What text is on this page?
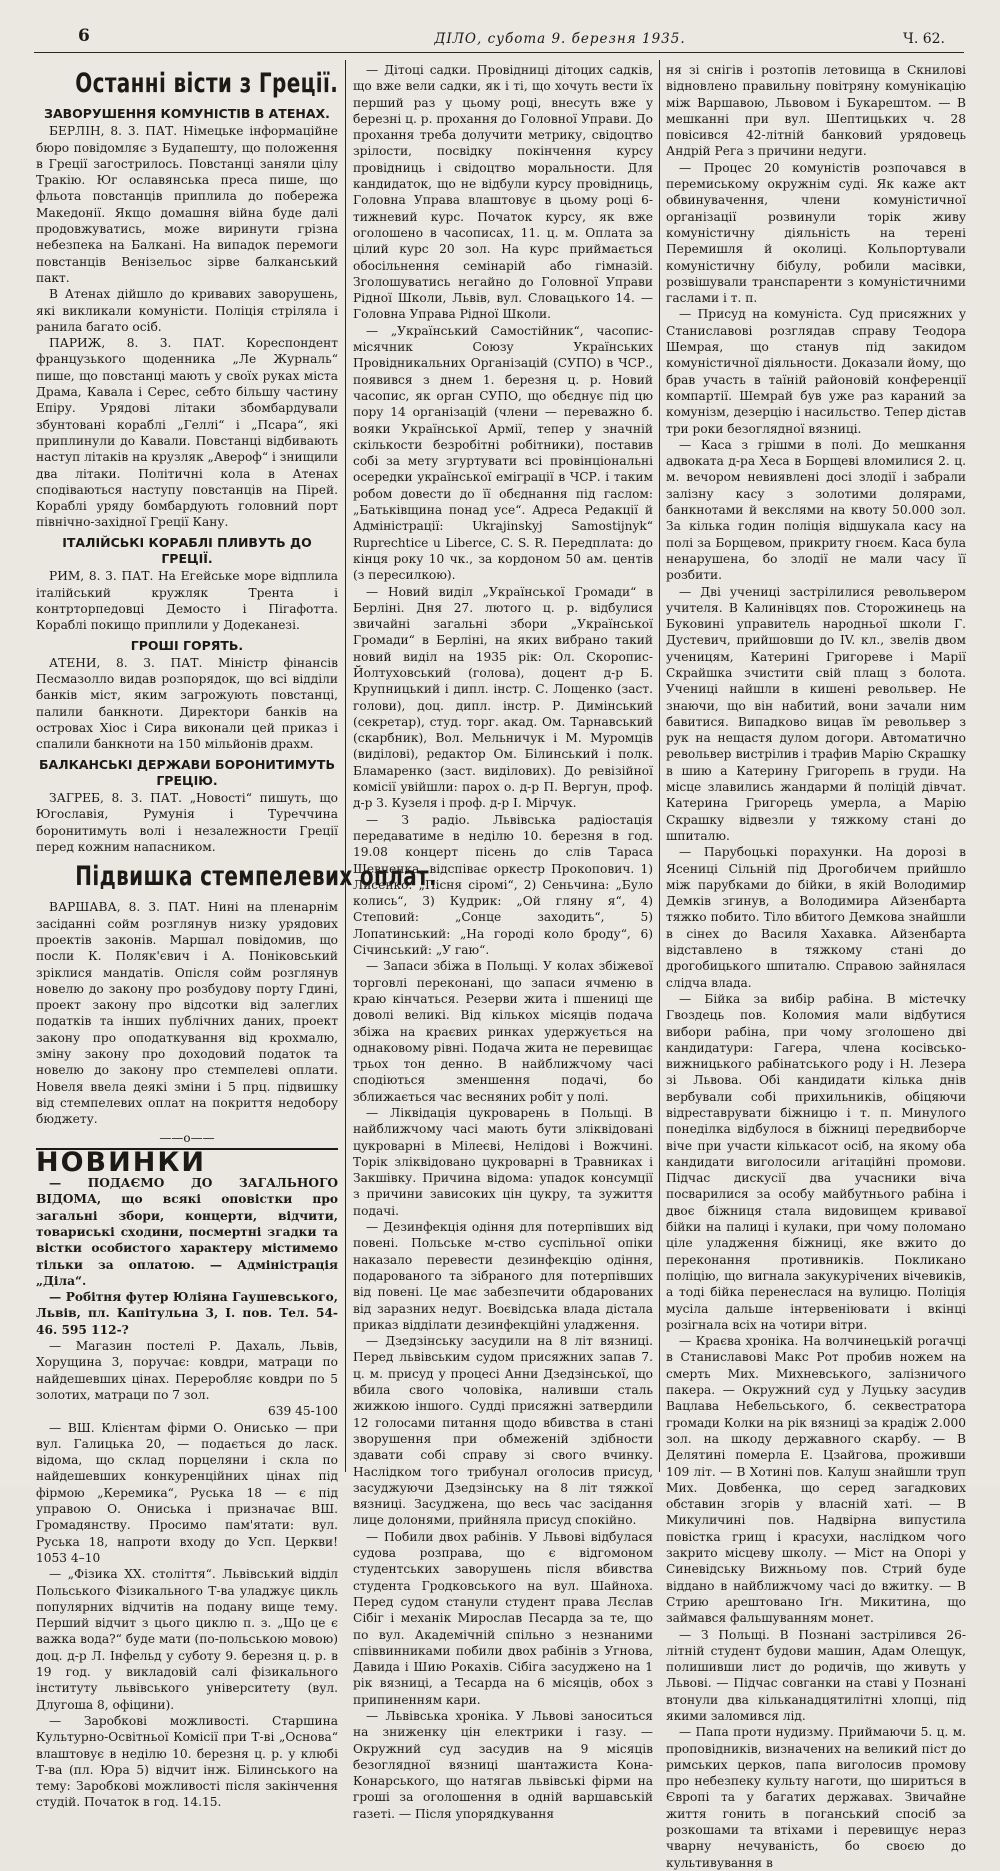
6	ДІЛО, субота 9. березня 1935.	Ч. 62.
Останні вісти з Греції.
ЗАВОРУШЕННЯ КОМУНІСТІВ В АТЕНАХ.

БЕРЛІН, 8. 3. ПАТ. Німецьке інформаційне бюро повідомляє з Будапешту, що положення в Греції загострилось. Повстанці заняли цілу Тракію. Юг ославянська преса пише, що фльота повстанців приплила до побережа Македонії. Якщо домашня війна буде далі продовжуватись, може виринути грізна небезпека на Балкані. На випадок перемоги повстанців Венізельос зірве балканський пакт.

В Атенах дійшло до кривавих заворушень, які викликали комуністи. Поліція стріляла і ранила багато осіб.

ПАРИЖ, 8. 3. ПАТ. Кореспондент французького щоденника „Ле Журналь“ пише, що повстанці мають у своїх руках міста Драма, Кавала і Серес, себто більшу частину Епіру. Урядові літаки збомбардували збунтовані кораблі „Геллі“ і „Псара“, які приплинули до Кавали. Повстанці відбивають наступ літаків на крузляк „Авероф“ і знищили два літаки. Політичні кола в Атенах сподіваються наступу повстанців на Пірей. Кораблі уряду бомбардують головний порт північно-західної Греції Кану.

ІТАЛІЙСЬКІ КОРАБЛІ ПЛИВУТЬ ДО ГРЕЦІЇ.

РИМ, 8. 3. ПАТ. На Егейське море відплила італійський кружляк Трента і контрторпедовці Демосто і Пігафотта. Кораблі покищо приплили у Додеканезі.

ГРОШІ ГОРЯТЬ.

АТЕНИ, 8. 3. ПАТ. Міністр фінансів Песмазолло видав розпорядок, що всі відділи банків міст, яким загрожують повстанці, палили банкноти. Директори банків на островах Хіос і Сира виконали цей приказ і спалили банкноти на 150 мільйонів драхм.

БАЛКАНСЬКІ ДЕРЖАВИ БОРОНИТИМУТЬ ГРЕЦІЮ.

ЗАГРЕБ, 8. 3. ПАТ. „Новості“ пишуть, що Югославія, Румунія і Туреччина боронитимуть волі і незалежности Греції перед кожним напасником.

Підвишка стемпелевих оплат.

ВАРШАВА, 8. 3. ПАТ. Нині на пленарнім засіданні сойм розглянув низку урядових проектів законів. Маршал повідомив, що посли К. Поляк'євич і А. Поніковський зріклися мандатів. Опісля сойм розглянув новелю до закону про розбудову порту Гдині, проект закону про відсотки від залеглих податків та інших публічних даних, проект закону про оподаткування від крохмалю, зміну закону про доходовий податок та новелю до закону про стемпелеві оплати. Новеля ввела деякі зміни і 5 прц. підвишку від стемпелевих оплат на покриття недобору бюджету.

——о——
НОВИНКИ

— ПОДАЄМО ДО ЗАГАЛЬНОГО ВІДОМА, що всякі оповістки про загальні збори, концерти, відчити, товариські сходини, посмертні згадки та вістки особистого характеру містимемо тільки за оплатою. — Адміністрація „Діла“.

— Робітня футер Юліяна Гаушевського, Львів, пл. Капітульна 3, І. пов. Тел. 54-46. 595 112-?

— Магазин постелі Р. Дахаль, Львів, Хорущина 3, поручає: ковдри, матраци по найдешевших цінах. Переробляє ковдри по 5 золотих, матраци по 7 зол.

639 45-100

— ВШ. Клієнтам фірми О. Онисько — при вул. Галицька 20, — подається до ласк. відома, що склад порцеляни і скла по найдешевших конкуренційних цінах під фірмою „Керемика“, Руська 18 — є під управою О. Ониська і призначає ВШ. Громадянству. Просимо пам'ятати: вул. Руська 18, напроти входу до Усп. Церкви! 1053 4–10

— „Фізика XX. століття“. Львівський відділ Польського Фізикального Т-ва уладжує цикль популярних відчитів на подану вище тему. Перший відчит з цього циклю п. з. „Що це є важка вода?“ буде мати (по-польською мовою) доц. д-р Л. Інфельд у суботу 9. березня ц. р. в 19 год. у викладовій салі фізикального інституту львівського університету (вул. Длугоша 8, офіцини).

— Заробкові можливості. Старшина Культурно-Освітньої Комісії при Т-ві „Основа“ влаштовує в неділю 10. березня ц. р. у клюбі Т-ва (пл. Юра 5) відчит інж. Білинського на тему: Заробкові можливості після закінчення студій. Початок в год. 14.15.

— Дітоці садки. Провідниці дітоцих садків, що вже вели садки, як і ті, що хочуть вести їх перший раз у цьому році, внесуть вже у березні ц. р. прохання до Головної Управи. До прохання треба долучити метрику, свідоцтво зрілости, посвідку покінчення курсу провідниць і свідоцтво моральности. Для кандидаток, що не відбули курсу провідниць, Головна Управа влаштовує в цьому році 6-тижневий курс. Початок курсу, як вже оголошено в часописах, 11. ц. м. Оплата за цілий курс 20 зол. На курс приймається обосільнення семінарій або гімназій. Зголошуватись негайно до Головної Управи Рідної Школи, Львів, вул. Словацького 14. — Головна Управа Рідної Школи.

— „Український Самостійник“, часопис-місячник Союзу Українських Провідникальних Організацій (СУПО) в ЧСР., появився з днем 1. березня ц. р. Новий часопис, як орган СУПО, що обєднує під цю пору 14 організацій (члени — переважно б. вояки Української Армії, тепер у значній скількости безробітні робітники), поставив собі за мету згуртувати всі провінціональні осередки української еміграції в ЧСР. і таким робом довести до її обєднання під гаслом: „Батьківщина понад усе“. Адреса Редакції й Адміністрації: Ukrajinskyj Samostijnyk“ Ruprechtice u Liberce, C. S. R. Передплата: до кінця року 10 чк., за кордоном 50 ам. центів (з пересилкою).

— Новий виділ „Української Громади“ в Берліні. Дня 27. лютого ц. р. відбулися звичайні загальні збори „Української Громади“ в Берліні, на яких вибрано такий новий виділ на 1935 рік: Ол. Скоропис-Йолтуховський (голова), доцент д-р Б. Крупницький і дипл. інстр. С. Лощенко (заст. голови), доц. дипл. інстр. Р. Димінський (секретар), студ. торг. акад. Ом. Тарнавський (скарбник), Вол. Мельничук і М. Муромців (виділові), редактор Ом. Білинський і полк. Бламаренко (заст. виділових). До ревізійної комісії увійшли: парох о. д-р П. Вергун, проф. д-р З. Кузеля і проф. д-р І. Мірчук.

— З радіо. Львівська радіостація передаватиме в неділю 10. березня в год. 19.08 концерт пісень до слів Тараса Шевченка, відспіває оркестр Прокопович. 1) Лисенко: „Пісня сіромі“, 2) Сеньчина: „Було колись“, 3) Кудрик: „Ой гляну я“, 4) Степовий: „Сонце заходить“, 5) Лопатинський: „На городі коло броду“, 6) Січинський: „У гаю“.

— Запаси збіжа в Польщі. У колах збіжевої торговлі переконані, що запаси ячменю в краю кінчаться. Резерви жита і пшениці ще доволі великі. Від кількох місяців подача збіжа на краєвих ринках удержується на однаковому рівні. Подача жита не перевищає трьох тон денно. В найближчому часі сподіються зменшення подачі, бо зближається час весняних робіт у полі.

— Ліквідація цукроварень в Польщі. В найближчому часі мають бути зліквідовані цукроварні в Мілеєві, Нелідові і Вожчині. Торік зліквідовано цукроварні в Травниках і Закшівку. Причина відома: упадок консумції з причини зависоких цін цукру, та зужиття подачі.

— Дезинфекція одіння для потерпівших від повені. Польське м-ство суспільної опіки наказало перевести дезинфекцію одіння, подарованого та зібраного для потерпівших від повені. Це має забезпечити обдарованих від заразних недуг. Воєвідська влада дістала приказ відділати дезинфекційні уладження.

— Дзедзінську засудили на 8 літ вязниці. Перед львівським судом присяжних запав 7. ц. м. присуд у процесі Анни Дзедзінської, що вбила свого чоловіка, наливши сталь жижкою іншого. Судді присяжні затвердили 12 голосами питання щодо вбивства в стані зворушення при обмеженій здібности здавати собі справу зі свого вчинку. Наслідком того трибунал оголосив присуд, засуджуючи Дзедзінську на 8 літ тяжкої вязниці. Засуджена, що весь час засідання лице долонями, прийняла присуд спокійно.

— Побили двох рабінів. У Львові відбулася судова розправа, що є відгомоном студентських заворушень після вбивства студента Гродковського на вул. Шайноха. Перед судом станули студент права Лєслав Сібіг і механік Мирослав Песарда за те, що по вул. Академічній спільно з незнаними співвинниками побили двох рабінів з Угнова, Давида і Шию Рокахів. Сібіга засуджено на 1 рік вязниці, а Тесарда на 6 місяців, обох з припиненням кари.

— Львівська хроніка. У Львові заноситься на зниженку цін електрики і газу. — Окружний суд засудив на 9 місяців безоглядної вязниці шантажиста Кона-Конарського, що натягав львівські фірми на гроші за оголошення в одній варшавській газеті. — Після упорядкування

ня зі снігів і розтопів летовища в Скнилові відновлено правильну повітряну комунікацію між Варшавою, Львовом і Букарештом. — В мешканні при вул. Шептицьких ч. 28 повісився 42-літній банковий урядовець Андрій Рега з причини недуги.

— Процес 20 комуністів розпочався в перемиському окружнім суді. Як каже акт обвинувачення, члени комуністичної організації розвинули торік живу комуністичну діяльність на терені Перемишля й околиці. Кольпортували комуністичну бібулу, робили масівки, розвішували транспаренти з комуністичними гаслами і т. п.

— Присуд на комуніста. Суд присяжних у Станиславові розглядав справу Теодора Шемрая, що станув під закидом комуністичної діяльности. Доказали йому, що брав участь в таїній районовій конференції компартії. Шемрай був уже раз караний за комунізм, дезерцію і насильство. Тепер дістав три роки безоглядної вязниці.

— Каса з грішми в полі. До мешкання адвоката д-ра Хеса в Борщеві вломилися 2. ц. м. вечором невиявлені досі злодії і забрали залізну касу з золотими долярами, банкнотами й векслями на квоту 50.000 зол. За кілька годин поліція відшукала касу на полі за Борщевом, прикриту гноєм. Каса була ненарушена, бо злодії не мали часу її розбити.

— Дві учениці застрілилися револьвером учителя. В Калинівцях пов. Сторожинець на Буковині управитель народньої школи Г. Дустевич, прийшовши до IV. кл., звелів двом ученицям, Катерині Григореве і Марії Скрайшка зчистити свій плащ з болота. Учениці найшли в кишені револьвер. Не знаючи, що він набитий, вони зачали ним бавитися. Випадково вицав їм револьвер з рук на нещастя дулом догори. Автоматично револьвер вистрілив і трафив Марію Скрашку в шию а Катерину Григорепь в груди. На місце злавились жандарми й поліцій дівчат. Катерина Григорець умерла, а Марію Скрашку відвезли у тяжкому стані до шпиталю.

— Парубоцькі порахунки. На дорозі в Ясениці Сільній під Дрогобичем прийшло між парубками до бійки, в якій Володимир Демків згинув, а Володимира Айзенбарта тяжко побито. Тіло вбитого Демкова знайшли в сінех до Василя Хахавка. Айзенбарта відставлено в тяжкому стані до дрогобицького шпиталю. Справою зайнялася слідча влада.

— Бійка за вибір рабіна. В містечку Гвоздець пов. Коломия мали відбутися вибори рабіна, при чому зголошено дві кандидатури: Гагера, члена косівсько-вижницького рабінатського роду і Н. Лезера зі Львова. Обі кандидати кілька днів вербували собі прихильників, обіцяючи відреставрувати біжницю і т. п. Минулого понеділка відбулося в біжниці передвиборче віче при участи кількасот осіб, на якому оба кандидати виголосили агітаційні промови. Підчас дискусії два учасники віча посварилися за особу майбутнього рабіна і двоє біжниця стала видовищем кривавої бійки на палиці і кулаки, при чому поломано ціле уладження біжниці, яке вжито до переконання противників. Покликано поліцію, що вигнала закукурічених вічевиків, а тоді бійка перенеслася на вулицю. Поліція мусіла дальше інтервеніювати і вкінці розігнала всіх на чотири вітри.

— Краєва хроніка. На волчинецькій рогачці в Станиславові Макс Рот пробив ножем на смерть Мих. Михневського, залізничого пакера. — Окружний суд у Луцьку засудив Вацлава Небельського, б. секвестратора громади Колки на рік вязниці за крадіж 2.000 зол. на шкоду державного скарбу. — В Делятині померла Е. Цзайгова, проживши 109 літ. — В Хотині пов. Калуш знайшли труп Мих. Довбенка, що серед загадкових обставин згорів у власній хаті. — В Микуличині пов. Надвірна випустила повістка грищ і красухи, наслідком чого закрито місцеву школу. — Міст на Опорі у Синевідську Вижньому пов. Стрий буде віддано в найближчому часі до вжитку. — В Стрию арештовано Іґн. Микитина, що займався фальшуванням монет.

— З Польщі. В Познані застрілився 26-літній студент будови машин, Адам Олещук, полишивши лист до родичів, що живуть у Львові. — Підчас совганки на ставі у Познані втонули два кільканадцятилітні хлопці, під якими заломився лід.

— Папа проти нудизму. Приймаючи 5. ц. м. проповідників, визначених на великий піст до римських церков, папа виголосив промову про небезпеку культу наготи, що шириться в Європі та у багатих державах. Звичайне життя гонить в поганський спосіб за розкошами та втіхами і перевищує нераз чварну нечуваність, бо своєю до культивування в
